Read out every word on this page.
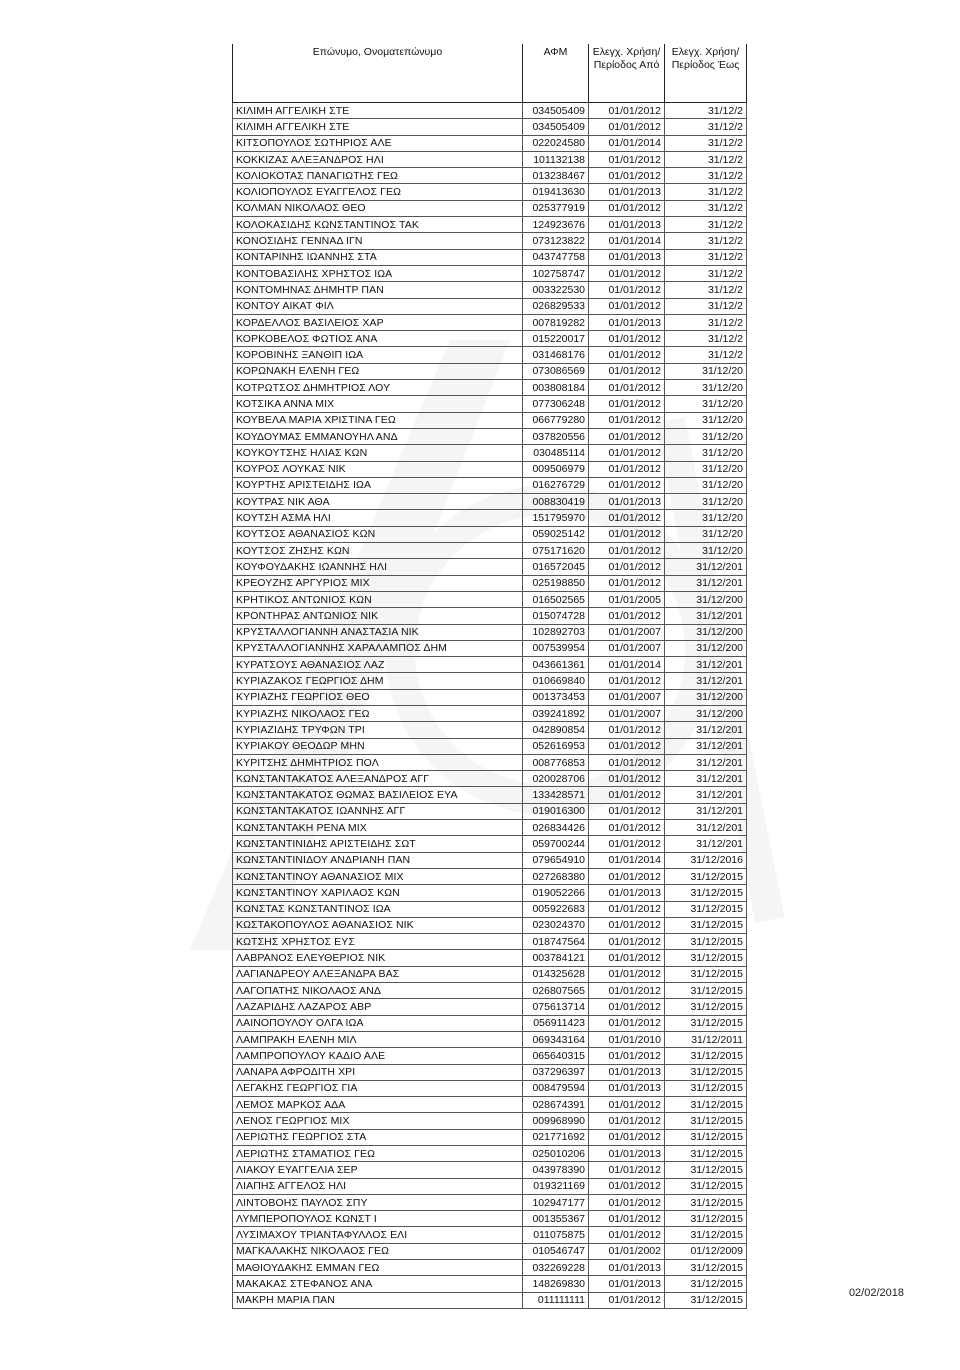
Επώνυμο, Ονοματεπώνυμο	ΑΦΜ	Ελεγχ. Χρήση/Περίοδος Από	Ελεγχ. Χρήση/Περίοδος Έως
ΚΙΛΙΜΗ ΑΓΓΕΛΙΚΗ ΣΤΕ	034505409	01/01/2012	31/12/2
ΚΙΛΙΜΗ ΑΓΓΕΛΙΚΗ ΣΤΕ	034505409	01/01/2012	31/12/2
ΚΙΤΣΟΠΟΥΛΟΣ ΣΩΤΗΡΙΟΣ ΑΛΕ	022024580	01/01/2014	31/12/2
ΚΟΚΚΙΖΑΣ ΑΛΕΞΑΝΔΡΟΣ ΗΛΙ	101132138	01/01/2012	31/12/2
ΚΟΛΙΟΚΟΤΑΣ ΠΑΝΑΓΙΩΤΗΣ ΓΕΩ	013238467	01/01/2012	31/12/2
ΚΟΛΙΟΠΟΥΛΟΣ ΕΥΑΓΓΕΛΟΣ ΓΕΩ	019413630	01/01/2013	31/12/2
ΚΟΛΜΑΝ ΝΙΚΟΛΑΟΣ ΘΕΟ	025377919	01/01/2012	31/12/2
ΚΟΛΟΚΑΣΙΔΗΣ ΚΩΝΣΤΑΝΤΙΝΟΣ ΤΑΚ	124923676	01/01/2013	31/12/2
ΚΟΝΟΣΙΔΗΣ ΓΕΝΝΑΔ ΙΓΝ	073123822	01/01/2014	31/12/2
ΚΟΝΤΑΡΙΝΗΣ ΙΩΑΝΝΗΣ ΣΤΑ	043747758	01/01/2013	31/12/2
ΚΟΝΤΟΒΑΣΙΛΗΣ ΧΡΗΣΤΟΣ ΙΩΑ	102758747	01/01/2012	31/12/2
ΚΟΝΤΟΜΗΝΑΣ ΔΗΜΗΤΡ ΠΑΝ	003322530	01/01/2012	31/12/2
ΚΟΝΤΟΥ ΑΙΚΑΤ ΦΙΛ	026829533	01/01/2012	31/12/2
ΚΟΡΔΕΛΛΟΣ ΒΑΣΙΛΕΙΟΣ ΧΑΡ	007819282	01/01/2013	31/12/2
ΚΟΡΚΟΒΕΛΟΣ ΦΩΤΙΟΣ ΑΝΑ	015220017	01/01/2012	31/12/2
ΚΟΡΟΒΙΝΗΣ ΞΑΝΘΙΠ ΙΩΑ	031468176	01/01/2012	31/12/2
ΚΟΡΩΝΑΚΗ ΕΛΕΝΗ ΓΕΩ	073086569	01/01/2012	31/12/20
ΚΟΤΡΩΤΣΟΣ ΔΗΜΗΤΡΙΟΣ ΛΟΥ	003808184	01/01/2012	31/12/20
ΚΟΤΣΙΚΑ ΑΝΝΑ ΜΙΧ	077306248	01/01/2012	31/12/20
ΚΟΥΒΕΛΑ ΜΑΡΙΑ ΧΡΙΣΤΙΝΑ ΓΕΩ	066779280	01/01/2012	31/12/20
ΚΟΥΔΟΥΜΑΣ ΕΜΜΑΝΟΥΗΛ ΑΝΔ	037820556	01/01/2012	31/12/20
ΚΟΥΚΟΥΤΣΗΣ ΗΛΙΑΣ ΚΩΝ	030485114	01/01/2012	31/12/20
ΚΟΥΡΟΣ ΛΟΥΚΑΣ ΝΙΚ	009506979	01/01/2012	31/12/20
ΚΟΥΡΤΗΣ ΑΡΙΣΤΕΙΔΗΣ ΙΩΑ	016276729	01/01/2012	31/12/20
ΚΟΥΤΡΑΣ ΝΙΚ ΑΘΑ	008830419	01/01/2013	31/12/20
ΚΟΥΤΣΗ ΑΣΜΑ ΗΛΙ	151795970	01/01/2012	31/12/20
ΚΟΥΤΣΟΣ ΑΘΑΝΑΣΙΟΣ ΚΩΝ	059025142	01/01/2012	31/12/20
ΚΟΥΤΣΟΣ ΖΗΣΗΣ ΚΩΝ	075171620	01/01/2012	31/12/20
ΚΟΥΦΟΥΔΑΚΗΣ ΙΩΑΝΝΗΣ ΗΛΙ	016572045	01/01/2012	31/12/201
ΚΡΕΟΥΖΗΣ ΑΡΓΥΡΙΟΣ ΜΙΧ	025198850	01/01/2012	31/12/201
ΚΡΗΤΙΚΟΣ ΑΝΤΩΝΙΟΣ ΚΩΝ	016502565	01/01/2005	31/12/200
ΚΡΟΝΤΗΡΑΣ ΑΝΤΩΝΙΟΣ ΝΙΚ	015074728	01/01/2012	31/12/201
ΚΡΥΣΤΑΛΛΟΓΙΑΝΝΗ ΑΝΑΣΤΑΣΙΑ ΝΙΚ	102892703	01/01/2007	31/12/200
ΚΡΥΣΤΑΛΛΟΓΙΑΝΝΗΣ ΧΑΡΑΛΑΜΠΟΣ ΔΗΜ	007539954	01/01/2007	31/12/200
ΚΥΡΑΤΣΟΥΣ ΑΘΑΝΑΣΙΟΣ ΛΑΖ	043661361	01/01/2014	31/12/201
ΚΥΡΙΑΖΑΚΟΣ ΓΕΩΡΓΙΟΣ ΔΗΜ	010669840	01/01/2012	31/12/201
ΚΥΡΙΑΖΗΣ ΓΕΩΡΓΙΟΣ ΘΕΟ	001373453	01/01/2007	31/12/200
ΚΥΡΙΑΖΗΣ ΝΙΚΟΛΑΟΣ ΓΕΩ	039241892	01/01/2007	31/12/200
ΚΥΡΙΑΖΙΔΗΣ ΤΡΥΦΩΝ ΤΡΙ	042890854	01/01/2012	31/12/201
ΚΥΡΙΑΚΟΥ ΘΕΟΔΩΡ ΜΗΝ	052616953	01/01/2012	31/12/201
ΚΥΡΙΤΣΗΣ ΔΗΜΗΤΡΙΟΣ ΠΟΛ	008776853	01/01/2012	31/12/201
ΚΩΝΣΤΑΝΤΑΚΑΤΟΣ ΑΛΕΞΑΝΔΡΟΣ ΑΓΓ	020028706	01/01/2012	31/12/201
ΚΩΝΣΤΑΝΤΑΚΑΤΟΣ ΘΩΜΑΣ ΒΑΣΙΛΕΙΟΣ ΕΥΑ	133428571	01/01/2012	31/12/201
ΚΩΝΣΤΑΝΤΑΚΑΤΟΣ ΙΩΑΝΝΗΣ ΑΓΓ	019016300	01/01/2012	31/12/201
ΚΩΝΣΤΑΝΤΑΚΗ ΡΕΝΑ ΜΙΧ	026834426	01/01/2012	31/12/201
ΚΩΝΣΤΑΝΤΙΝΙΔΗΣ ΑΡΙΣΤΕΙΔΗΣ ΣΩΤ	059700244	01/01/2012	31/12/201
ΚΩΝΣΤΑΝΤΙΝΙΔΟΥ ΑΝΔΡΙΑΝΗ ΠΑΝ	079654910	01/01/2014	31/12/2016
ΚΩΝΣΤΑΝΤΙΝΟΥ ΑΘΑΝΑΣΙΟΣ ΜΙΧ	027268380	01/01/2012	31/12/2015
ΚΩΝΣΤΑΝΤΙΝΟΥ ΧΑΡΙΛΑΟΣ ΚΩΝ	019052266	01/01/2013	31/12/2015
ΚΩΝΣΤΑΣ ΚΩΝΣΤΑΝΤΙΝΟΣ ΙΩΑ	005922683	01/01/2012	31/12/2015
ΚΩΣΤΑΚΟΠΟΥΛΟΣ ΑΘΑΝΑΣΙΟΣ ΝΙΚ	023024370	01/01/2012	31/12/2015
ΚΩΤΣΗΣ ΧΡΗΣΤΟΣ ΕΥΣ	018747564	01/01/2012	31/12/2015
ΛΑΒΡΑΝΟΣ ΕΛΕΥΘΕΡΙΟΣ ΝΙΚ	003784121	01/01/2012	31/12/2015
ΛΑΓΙΑΝΔΡΕΟΥ ΑΛΕΞΑΝΔΡΑ ΒΑΣ	014325628	01/01/2012	31/12/2015
ΛΑΓΟΠΑΤΗΣ ΝΙΚΟΛΑΟΣ ΑΝΔ	026807565	01/01/2012	31/12/2015
ΛΑΖΑΡΙΔΗΣ ΛΑΖΑΡΟΣ ΑΒΡ	075613714	01/01/2012	31/12/2015
ΛΑΙΝΟΠΟΥΛΟΥ ΟΛΓΑ ΙΩΑ	056911423	01/01/2012	31/12/2015
ΛΑΜΠΡΑΚΗ ΕΛΕΝΗ ΜΙΛ	069343164	01/01/2010	31/12/2011
ΛΑΜΠΡΟΠΟΥΛΟΥ ΚΑΔΙΟ ΑΛΕ	065640315	01/01/2012	31/12/2015
ΛΑΝΑΡΑ ΑΦΡΟΔΙΤΗ ΧΡΙ	037296397	01/01/2013	31/12/2015
ΛΕΓΑΚΗΣ ΓΕΩΡΓΙΟΣ ΓΙΑ	008479594	01/01/2013	31/12/2015
ΛΕΜΟΣ ΜΑΡΚΟΣ ΑΔΑ	028674391	01/01/2012	31/12/2015
ΛΕΝΟΣ ΓΕΩΡΓΙΟΣ ΜΙΧ	009968990	01/01/2012	31/12/2015
ΛΕΡΙΩΤΗΣ ΓΕΩΡΓΙΟΣ ΣΤΑ	021771692	01/01/2012	31/12/2015
ΛΕΡΙΩΤΗΣ ΣΤΑΜΑΤΙΟΣ ΓΕΩ	025010206	01/01/2013	31/12/2015
ΛΙΑΚΟΥ ΕΥΑΓΓΕΛΙΑ ΣΕΡ	043978390	01/01/2012	31/12/2015
ΛΙΑΠΗΣ ΑΓΓΕΛΟΣ ΗΛΙ	019321169	01/01/2012	31/12/2015
ΛΙΝΤΟΒΟΗΣ ΠΑΥΛΟΣ ΣΠΥ	102947177	01/01/2012	31/12/2015
ΛΥΜΠΕΡΟΠΟΥΛΟΣ ΚΩΝΣΤ Ι	001355367	01/01/2012	31/12/2015
ΛΥΣΙΜΑΧΟΥ ΤΡΙΑΝΤΑΦΥΛΛΟΣ ΕΛΙ	011075875	01/01/2012	31/12/2015
ΜΑΓΚΑΛΑΚΗΣ ΝΙΚΟΛΑΟΣ ΓΕΩ	010546747	01/01/2002	01/12/2009
ΜΑΘΙΟΥΔΑΚΗΣ ΕΜΜΑΝ ΓΕΩ	032269228	01/01/2013	31/12/2015
ΜΑΚΑΚΑΣ ΣΤΕΦΑΝΟΣ ΑΝΑ	148269830	01/01/2013	31/12/2015
ΜΑΚΡΗ ΜΑΡΙΑ ΠΑΝ	011111111	01/01/2012	31/12/2015
02/02/2018
